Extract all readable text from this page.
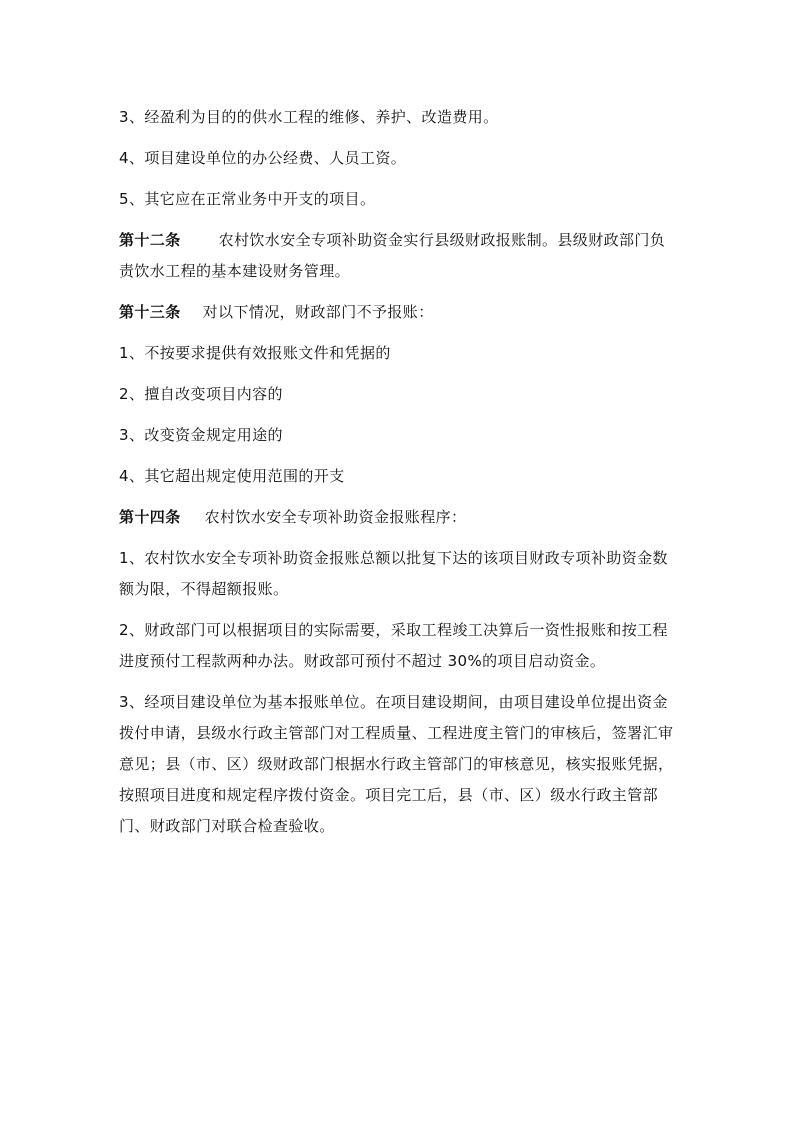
3、经盈利为目的的供水工程的维修、养护、改造费用。

4、项目建设单位的办公经费、人员工资。

5、其它应在正常业务中开支的项目。

第十二条	农村饮水安全专项补助资金实行县级财政报账制。县级财政部门负责饮水工程的基本建设财务管理。

第十三条 对以下情况，财政部门不予报账：

1、不按要求提供有效报账文件和凭据的

2、擅自改变项目内容的

3、改变资金规定用途的

4、其它超出规定使用范围的开支

第十四条 农村饮水安全专项补助资金报账程序：

1、农村饮水安全专项补助资金报账总额以批复下达的该项目财政专项补助资金数额为限，不得超额报账。

2、财政部门可以根据项目的实际需要，采取工程竣工决算后一资性报账和按工程进度预付工程款两种办法。财政部可预付不超过 30%的项目启动资金。

3、经项目建设单位为基本报账单位。在项目建设期间，由项目建设单位提出资金拨付申请，县级水行政主管部门对工程质量、工程进度主管门的审核后，签署汇审意见；县（市、区）级财政部门根据水行政主管部门的审核意见，核实报账凭据，按照项目进度和规定程序拨付资金。项目完工后，县（市、区）级水行政主管部门、财政部门对联合检查验收。
